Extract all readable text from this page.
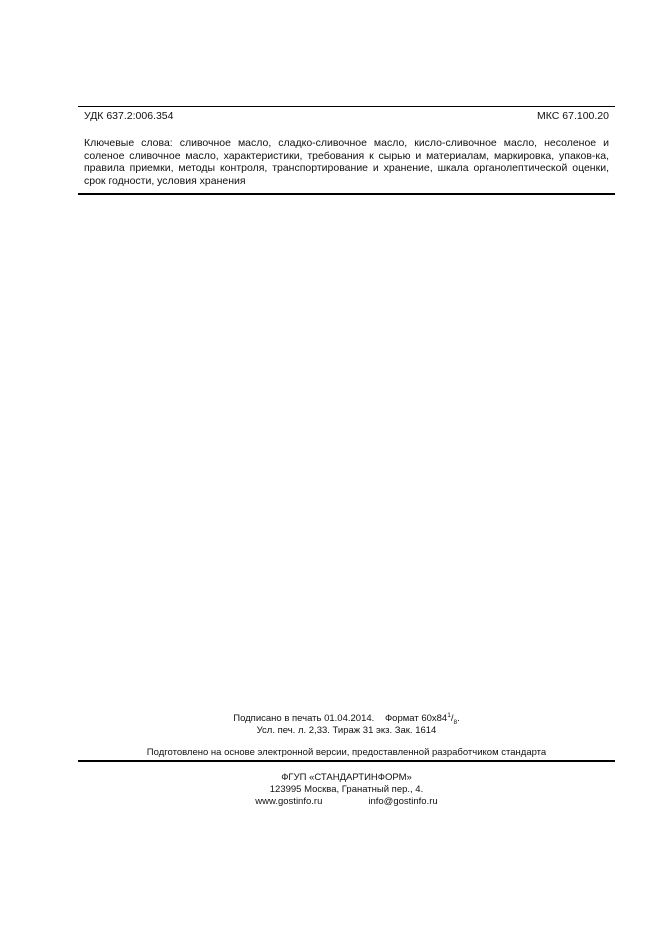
УДК 637.2:006.354	МКС 67.100.20
Ключевые слова: сливочное масло, сладко-сливочное масло, кисло-сливочное масло, несоленое и соленое сливочное масло, характеристики, требования к сырью и материалам, маркировка, упаков-ка, правила приемки, методы контроля, транспортирование и хранение, шкала органолептической оценки, срок годности, условия хранения
Подписано в печать 01.04.2014. Формат $60x84^1/_8$.
Усл. печ. л. 2,33. Тираж 31 экз. Зак. 1614
Подготовлено на основе электронной версии, предоставленной разработчиком стандарта
ФГУП «СТАНДАРТИНФОРМ»
123995 Москва, Гранатный пер., 4.
www.gostinfo.ru	info@gostinfo.ru
